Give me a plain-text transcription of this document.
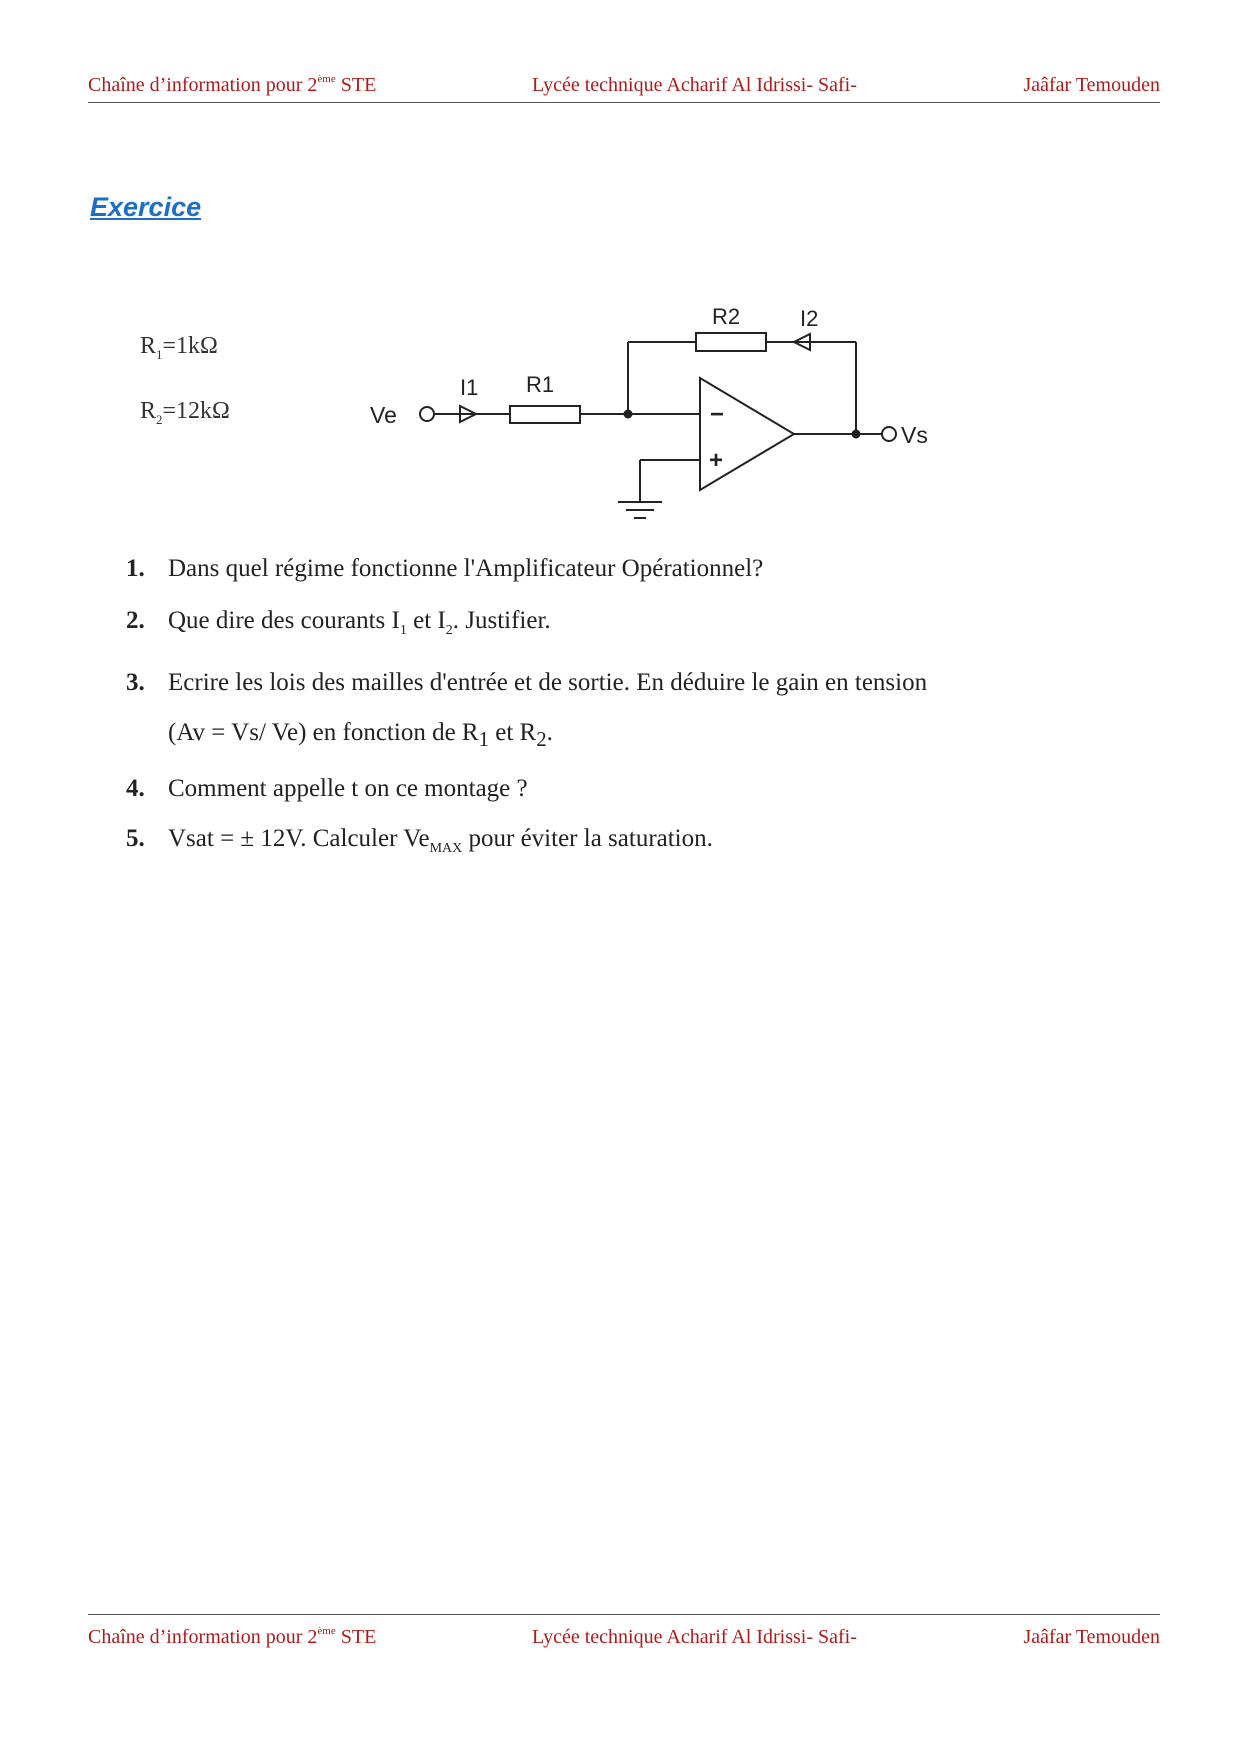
Chaîne d’information pour 2ème STE	Lycée technique Acharif Al Idrissi- Safi-	Jaâfar Temouden
Exercice
$R_1=1k\Omega$
$R_2=12k\Omega$	Ve
I1 R1
R2	I2
Vs
−
+
1. Dans quel régime fonctionne l'Amplificateur Opérationnel?
2. Que dire des courants $I_1$ et $I_2$. Justifier.
3. Ecrire les lois des mailles d'entrée et de sortie. En déduire le gain en tension
(Av = Vs/ Ve) en fonction de $R_1$ et $R_2$.
4. Comment appelle t on ce montage ?
5. Vsat = ± 12V. Calculer $Ve_{MAX}$ pour éviter la saturation.
Chaîne d’information pour 2ème STE	Lycée technique Acharif Al Idrissi- Safi-	Jaâfar Temouden
